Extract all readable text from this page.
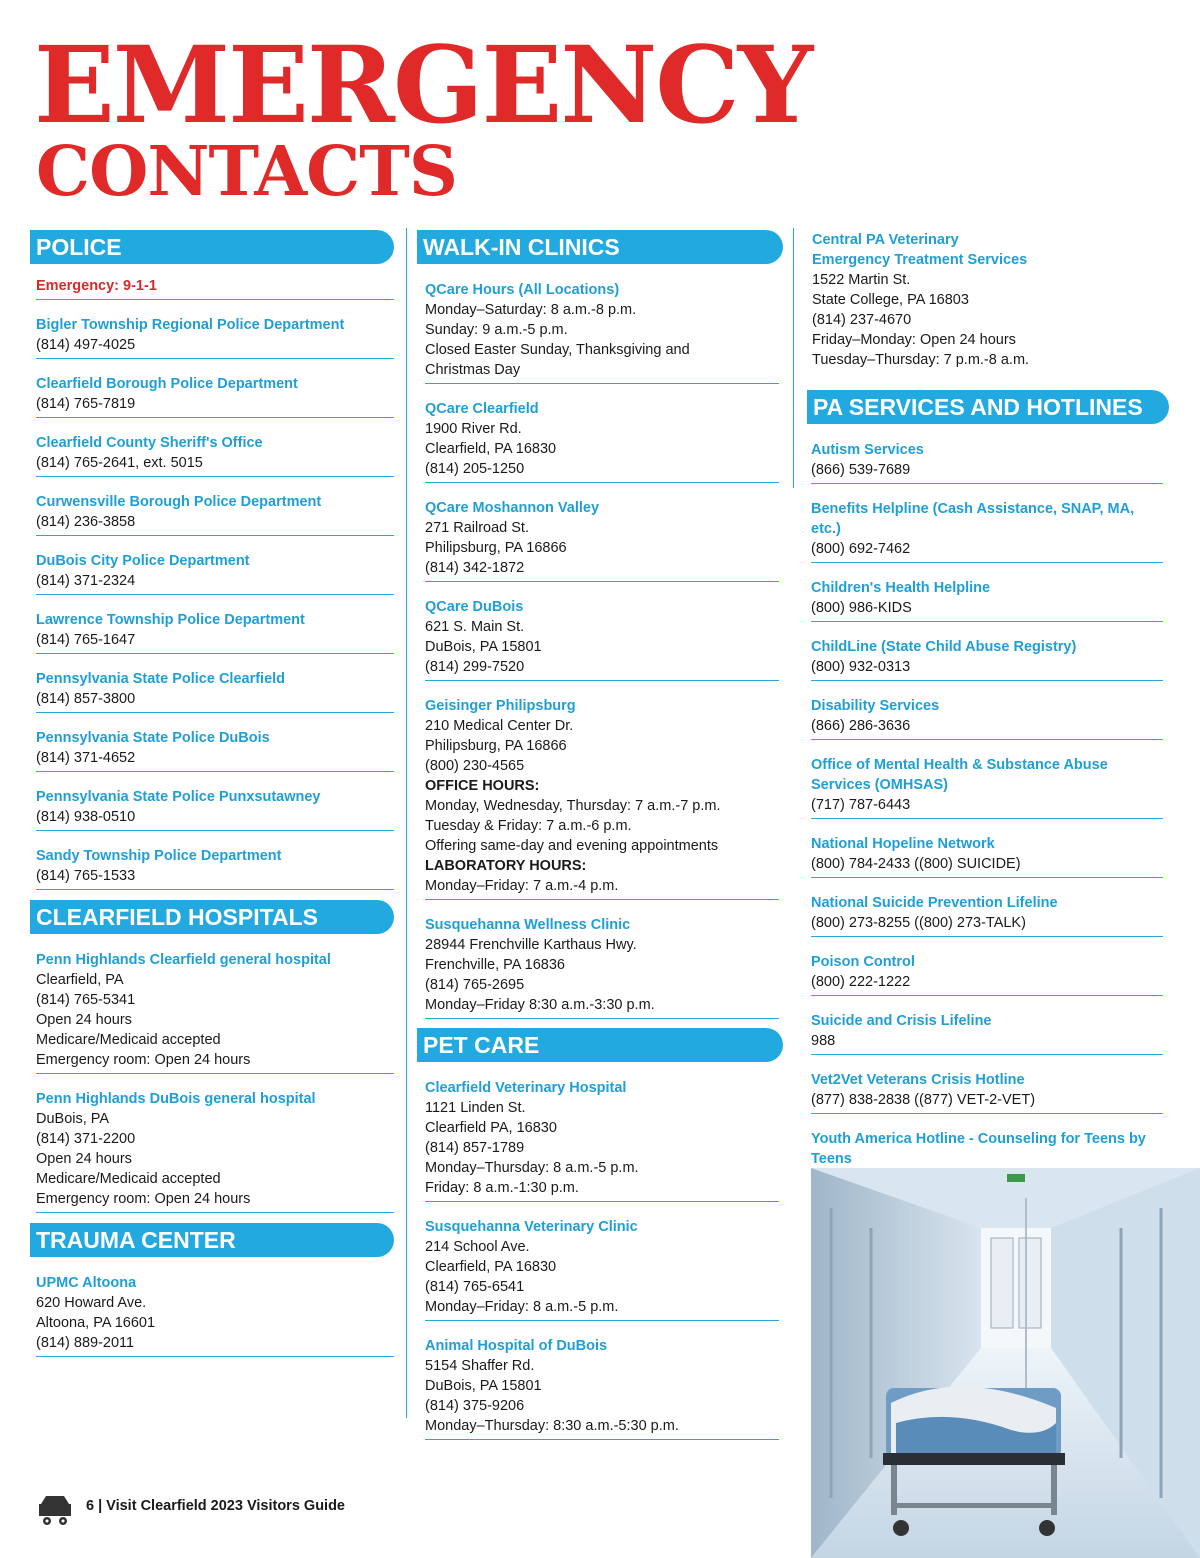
EMERGENCY
CONTACTS
POLICE
Emergency: 9-1-1
Bigler Township Regional Police Department
(814) 497-4025
Clearfield Borough Police Department
(814) 765-7819
Clearfield County Sheriff's Office
(814) 765-2641, ext. 5015
Curwensville Borough Police Department
(814) 236-3858
DuBois City Police Department
(814) 371-2324
Lawrence Township Police Department
(814) 765-1647
Pennsylvania State Police Clearfield
(814) 857-3800
Pennsylvania State Police DuBois
(814) 371-4652
Pennsylvania State Police Punxsutawney
(814) 938-0510
Sandy Township Police Department
(814) 765-1533
CLEARFIELD HOSPITALS
Penn Highlands Clearfield general hospital
Clearfield, PA
(814) 765-5341
Open 24 hours
Medicare/Medicaid accepted
Emergency room: Open 24 hours
Penn Highlands DuBois general hospital
DuBois, PA
(814) 371-2200
Open 24 hours
Medicare/Medicaid accepted
Emergency room: Open 24 hours
TRAUMA CENTER
UPMC Altoona
620 Howard Ave.
Altoona, PA 16601
(814) 889-2011
WALK-IN CLINICS
QCare Hours (All Locations)
Monday–Saturday: 8 a.m.-8 p.m.
Sunday: 9 a.m.-5 p.m.
Closed Easter Sunday, Thanksgiving and
Christmas Day
QCare Clearfield
1900 River Rd.
Clearfield, PA 16830
(814) 205-1250
QCare Moshannon Valley
271 Railroad St.
Philipsburg, PA 16866
(814) 342-1872
QCare DuBois
621 S. Main St.
DuBois, PA 15801
(814) 299-7520
Geisinger Philipsburg
210 Medical Center Dr.
Philipsburg, PA 16866
(800) 230-4565
OFFICE HOURS:
Monday, Wednesday, Thursday: 7 a.m.-7 p.m.
Tuesday & Friday: 7 a.m.-6 p.m.
Offering same-day and evening appointments
LABORATORY HOURS:
Monday–Friday: 7 a.m.-4 p.m.
Susquehanna Wellness Clinic
28944 Frenchville Karthaus Hwy.
Frenchville, PA 16836
(814) 765-2695
Monday–Friday 8:30 a.m.-3:30 p.m.
PET CARE
Clearfield Veterinary Hospital
1121 Linden St.
Clearfield PA, 16830
(814) 857-1789
Monday–Thursday: 8 a.m.-5 p.m.
Friday: 8 a.m.-1:30 p.m.
Susquehanna Veterinary Clinic
214 School Ave.
Clearfield, PA 16830
(814) 765-6541
Monday–Friday: 8 a.m.-5 p.m.
Animal Hospital of DuBois
5154 Shaffer Rd.
DuBois, PA 15801
(814) 375-9206
Monday–Thursday: 8:30 a.m.-5:30 p.m.
Central PA Veterinary
Emergency Treatment Services
1522 Martin St.
State College, PA 16803
(814) 237-4670
Friday–Monday: Open 24 hours
Tuesday–Thursday: 7 p.m.-8 a.m.
PA SERVICES AND HOTLINES
Autism Services
(866) 539-7689
Benefits Helpline (Cash Assistance, SNAP, MA, etc.)
(800) 692-7462
Children's Health Helpline
(800) 986-KIDS
ChildLine (State Child Abuse Registry)
(800) 932-0313
Disability Services
(866) 286-3636
Office of Mental Health & Substance Abuse Services (OMHSAS)
(717) 787-6443
National Hopeline Network
(800) 784-2433 ((800) SUICIDE)
National Suicide Prevention Lifeline
(800) 273-8255 ((800) 273-TALK)
Poison Control
(800) 222-1222
Suicide and Crisis Lifeline
988
Vet2Vet Veterans Crisis Hotline
(877) 838-2838 ((877) VET-2-VET)
Youth America Hotline - Counseling for Teens by Teens
6 | Visit Clearfield 2023 Visitors Guide
